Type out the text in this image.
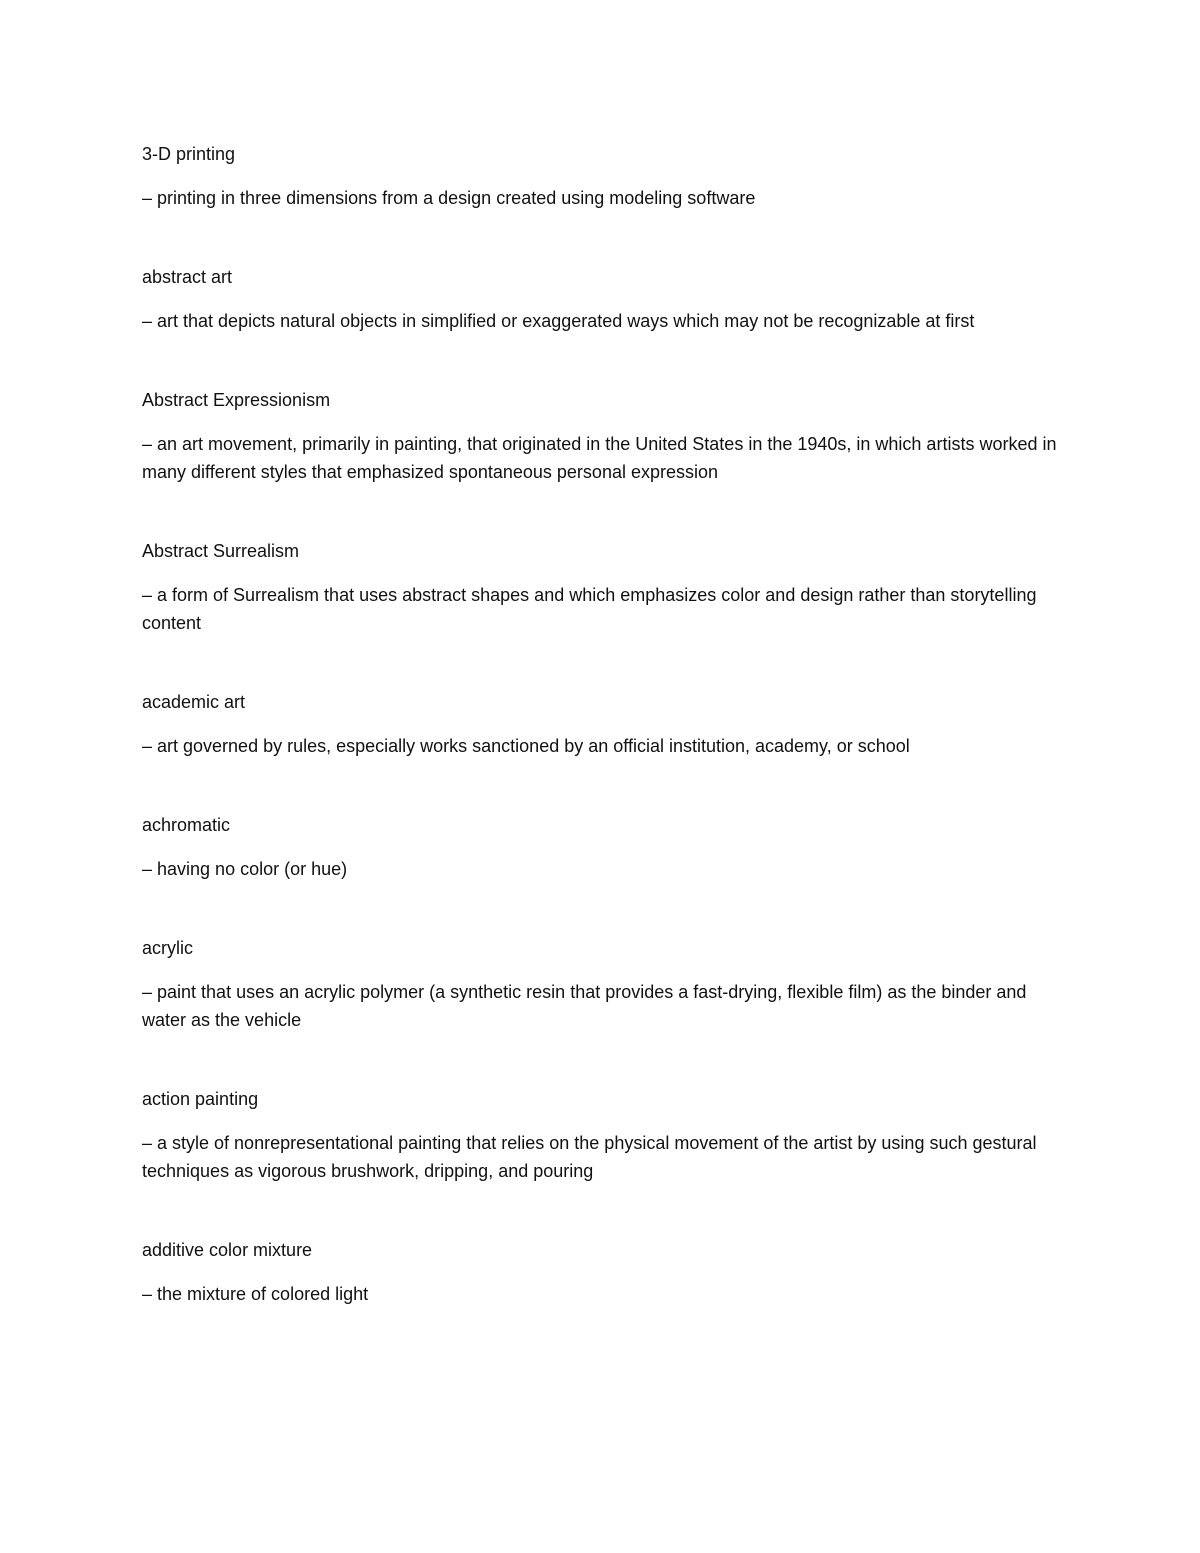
3-D printing
– printing in three dimensions from a design created using modeling software
abstract art
– art that depicts natural objects in simplified or exaggerated ways which may not be recognizable at first
Abstract Expressionism
– an art movement, primarily in painting, that originated in the United States in the 1940s, in which artists worked in many different styles that emphasized spontaneous personal expression
Abstract Surrealism
– a form of Surrealism that uses abstract shapes and which emphasizes color and design rather than storytelling content
academic art
– art governed by rules, especially works sanctioned by an official institution, academy, or school
achromatic
– having no color (or hue)
acrylic
– paint that uses an acrylic polymer (a synthetic resin that provides a fast-drying, flexible film) as the binder and water as the vehicle
action painting
– a style of nonrepresentational painting that relies on the physical movement of the artist by using such gestural techniques as vigorous brushwork, dripping, and pouring
additive color mixture
– the mixture of colored light
